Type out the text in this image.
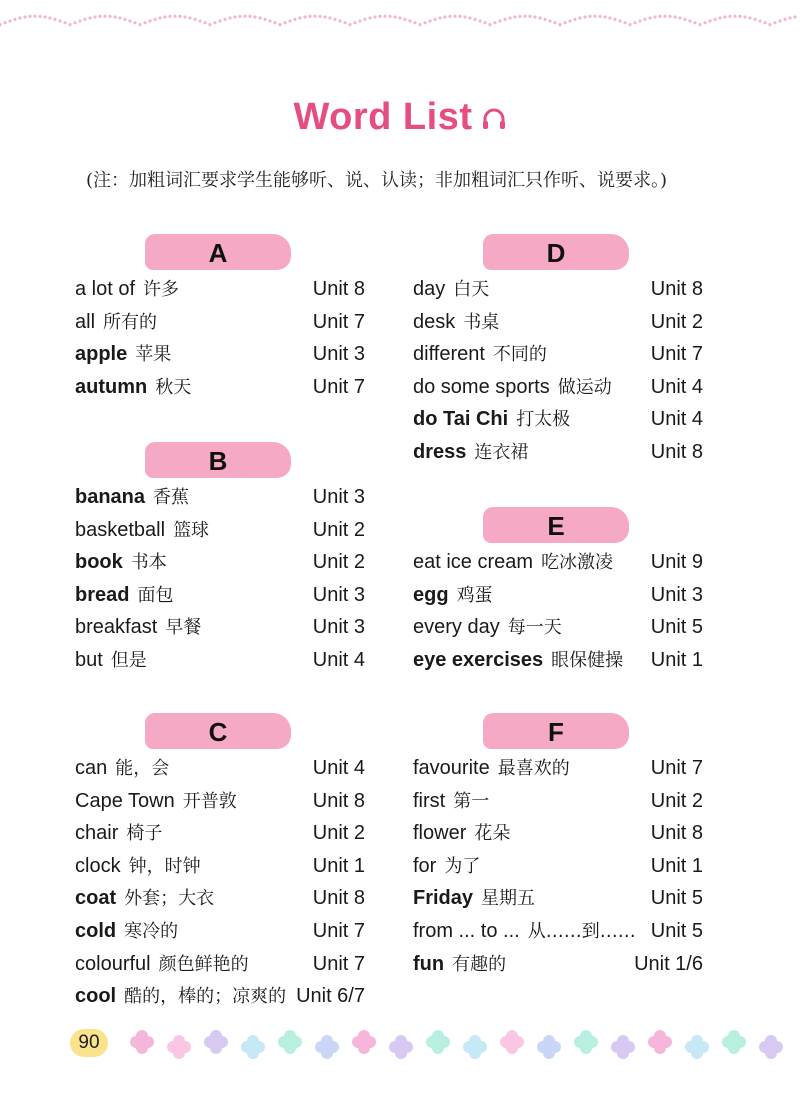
Word List
(注：加粗词汇要求学生能够听、说、认读；非加粗词汇只作听、说要求。)
A
a lot of 许多	Unit 8
all 所有的	Unit 7
apple 苹果	Unit 3
autumn 秋天	Unit 7
B
banana 香蕉	Unit 3
basketball 篮球	Unit 2
book 书本	Unit 2
bread 面包	Unit 3
breakfast 早餐	Unit 3
but 但是	Unit 4
C
can 能，会	Unit 4
Cape Town 开普敦	Unit 8
chair 椅子	Unit 2
clock 钟，时钟	Unit 1
coat 外套；大衣	Unit 8
cold 寒冷的	Unit 7
colourful 颜色鲜艳的	Unit 7
cool 酷的，棒的；凉爽的 Unit 6/7
D
day 白天	Unit 8
desk 书桌	Unit 2
different 不同的	Unit 7
do some sports 做运动 Unit 4
do Tai Chi 打太极	Unit 4
dress 连衣裙	Unit 8
E
eat ice cream 吃冰激凌 Unit 9
egg 鸡蛋	Unit 3
every day 每一天	Unit 5
eye exercises 眼保健操 Unit 1
F
favourite 最喜欢的	Unit 7
first 第一	Unit 2
flower 花朵	Unit 8
for 为了	Unit 1
Friday 星期五	Unit 5
from ... to ... 从……到…… Unit 5
fun 有趣的	Unit 1/6
90
